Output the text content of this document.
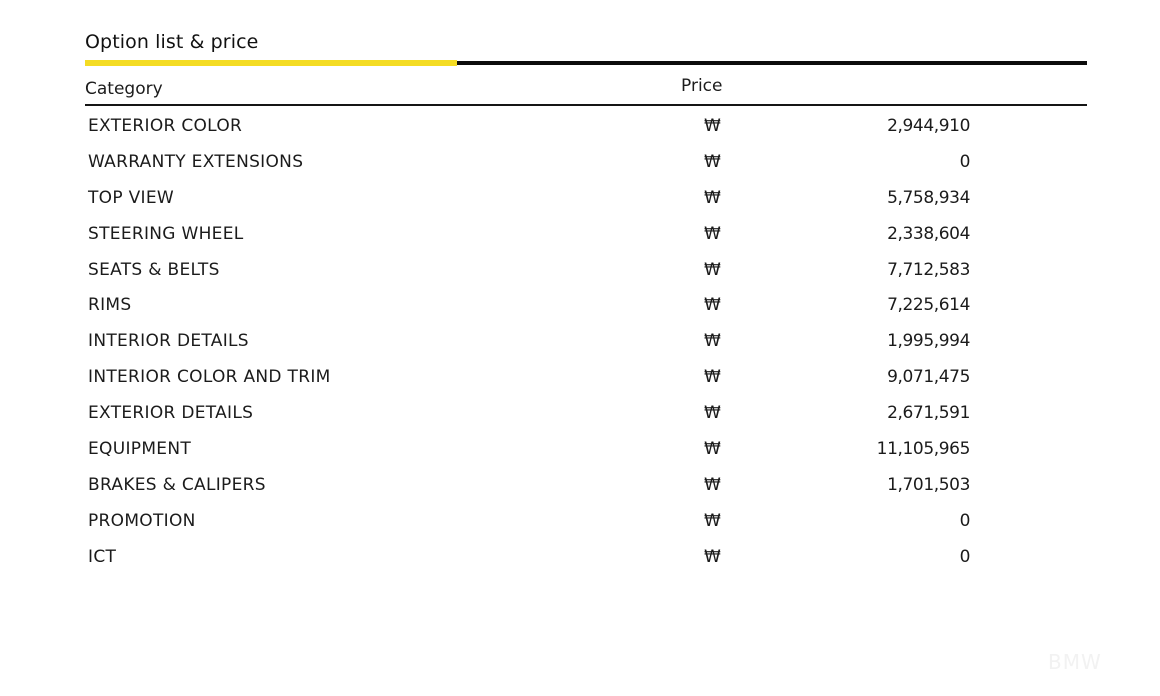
Option list & price
Category	Price
EXTERIOR COLOR	₩	2,944,910
WARRANTY EXTENSIONS	₩	0
TOP VIEW	₩	5,758,934
STEERING WHEEL	₩	2,338,604
SEATS & BELTS	₩	7,712,583
RIMS	₩	7,225,614
INTERIOR DETAILS	₩	1,995,994
INTERIOR COLOR AND TRIM	₩	9,071,475
EXTERIOR DETAILS	₩	2,671,591
EQUIPMENT	₩	11,105,965
BRAKES & CALIPERS	₩	1,701,503
PROMOTION	₩	0
ICT	₩	0
BMW
